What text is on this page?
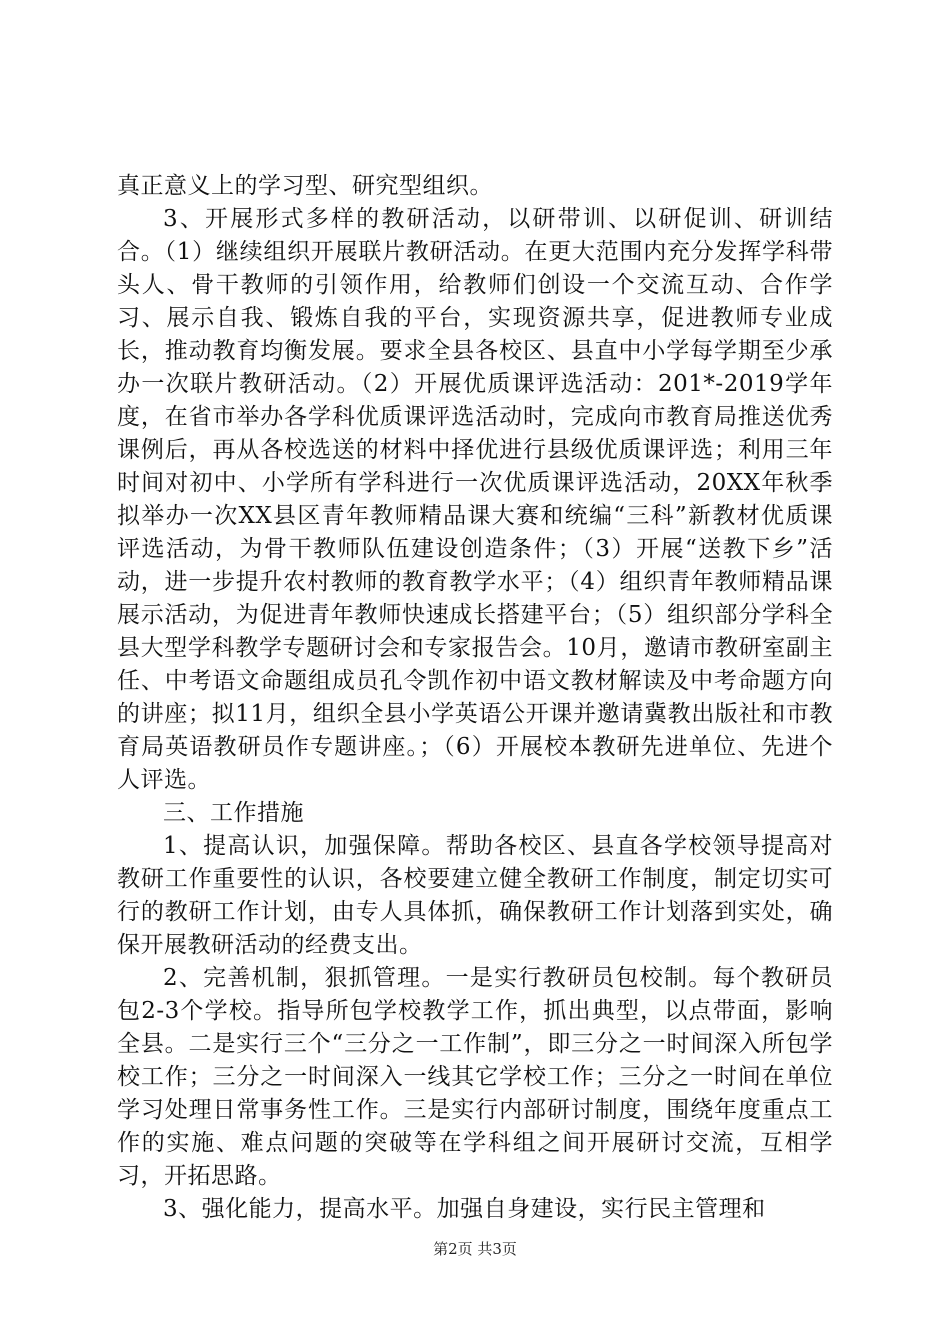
真正意义上的学习型、研究型组织。

3、开展形式多样的教研活动，以研带训、以研促训、研训结合。（1）继续组织开展联片教研活动。在更大范围内充分发挥学科带头人、骨干教师的引领作用，给教师们创设一个交流互动、合作学习、展示自我、锻炼自我的平台，实现资源共享，促进教师专业成长，推动教育均衡发展。要求全县各校区、县直中小学每学期至少承办一次联片教研活动。（2）开展优质课评选活动：201*-2019学年度，在省市举办各学科优质课评选活动时，完成向市教育局推送优秀课例后，再从各校选送的材料中择优进行县级优质课评选；利用三年时间对初中、小学所有学科进行一次优质课评选活动，20XX年秋季拟举办一次XX县区青年教师精品课大赛和统编“三科”新教材优质课评选活动，为骨干教师队伍建设创造条件；（3）开展“送教下乡”活动，进一步提升农村教师的教育教学水平；（4）组织青年教师精品课展示活动，为促进青年教师快速成长搭建平台；（5）组织部分学科全县大型学科教学专题研讨会和专家报告会。10月，邀请市教研室副主任、中考语文命题组成员孔令凯作初中语文教材解读及中考命题方向的讲座；拟11月，组织全县小学英语公开课并邀请冀教出版社和市教育局英语教研员作专题讲座。；（6）开展校本教研先进单位、先进个人评选。

三、工作措施

1、提高认识，加强保障。帮助各校区、县直各学校领导提高对教研工作重要性的认识，各校要建立健全教研工作制度，制定切实可行的教研工作计划，由专人具体抓，确保教研工作计划落到实处，确保开展教研活动的经费支出。

2、完善机制，狠抓管理。一是实行教研员包校制。每个教研员包2-3个学校。指导所包学校教学工作，抓出典型，以点带面，影响全县。二是实行三个“三分之一工作制”，即三分之一时间深入所包学校工作；三分之一时间深入一线其它学校工作；三分之一时间在单位学习处理日常事务性工作。三是实行内部研讨制度，围绕年度重点工作的实施、难点问题的突破等在学科组之间开展研讨交流，互相学习，开拓思路。

3、强化能力，提高水平。加强自身建设，实行民主管理和

第2页 共3页
